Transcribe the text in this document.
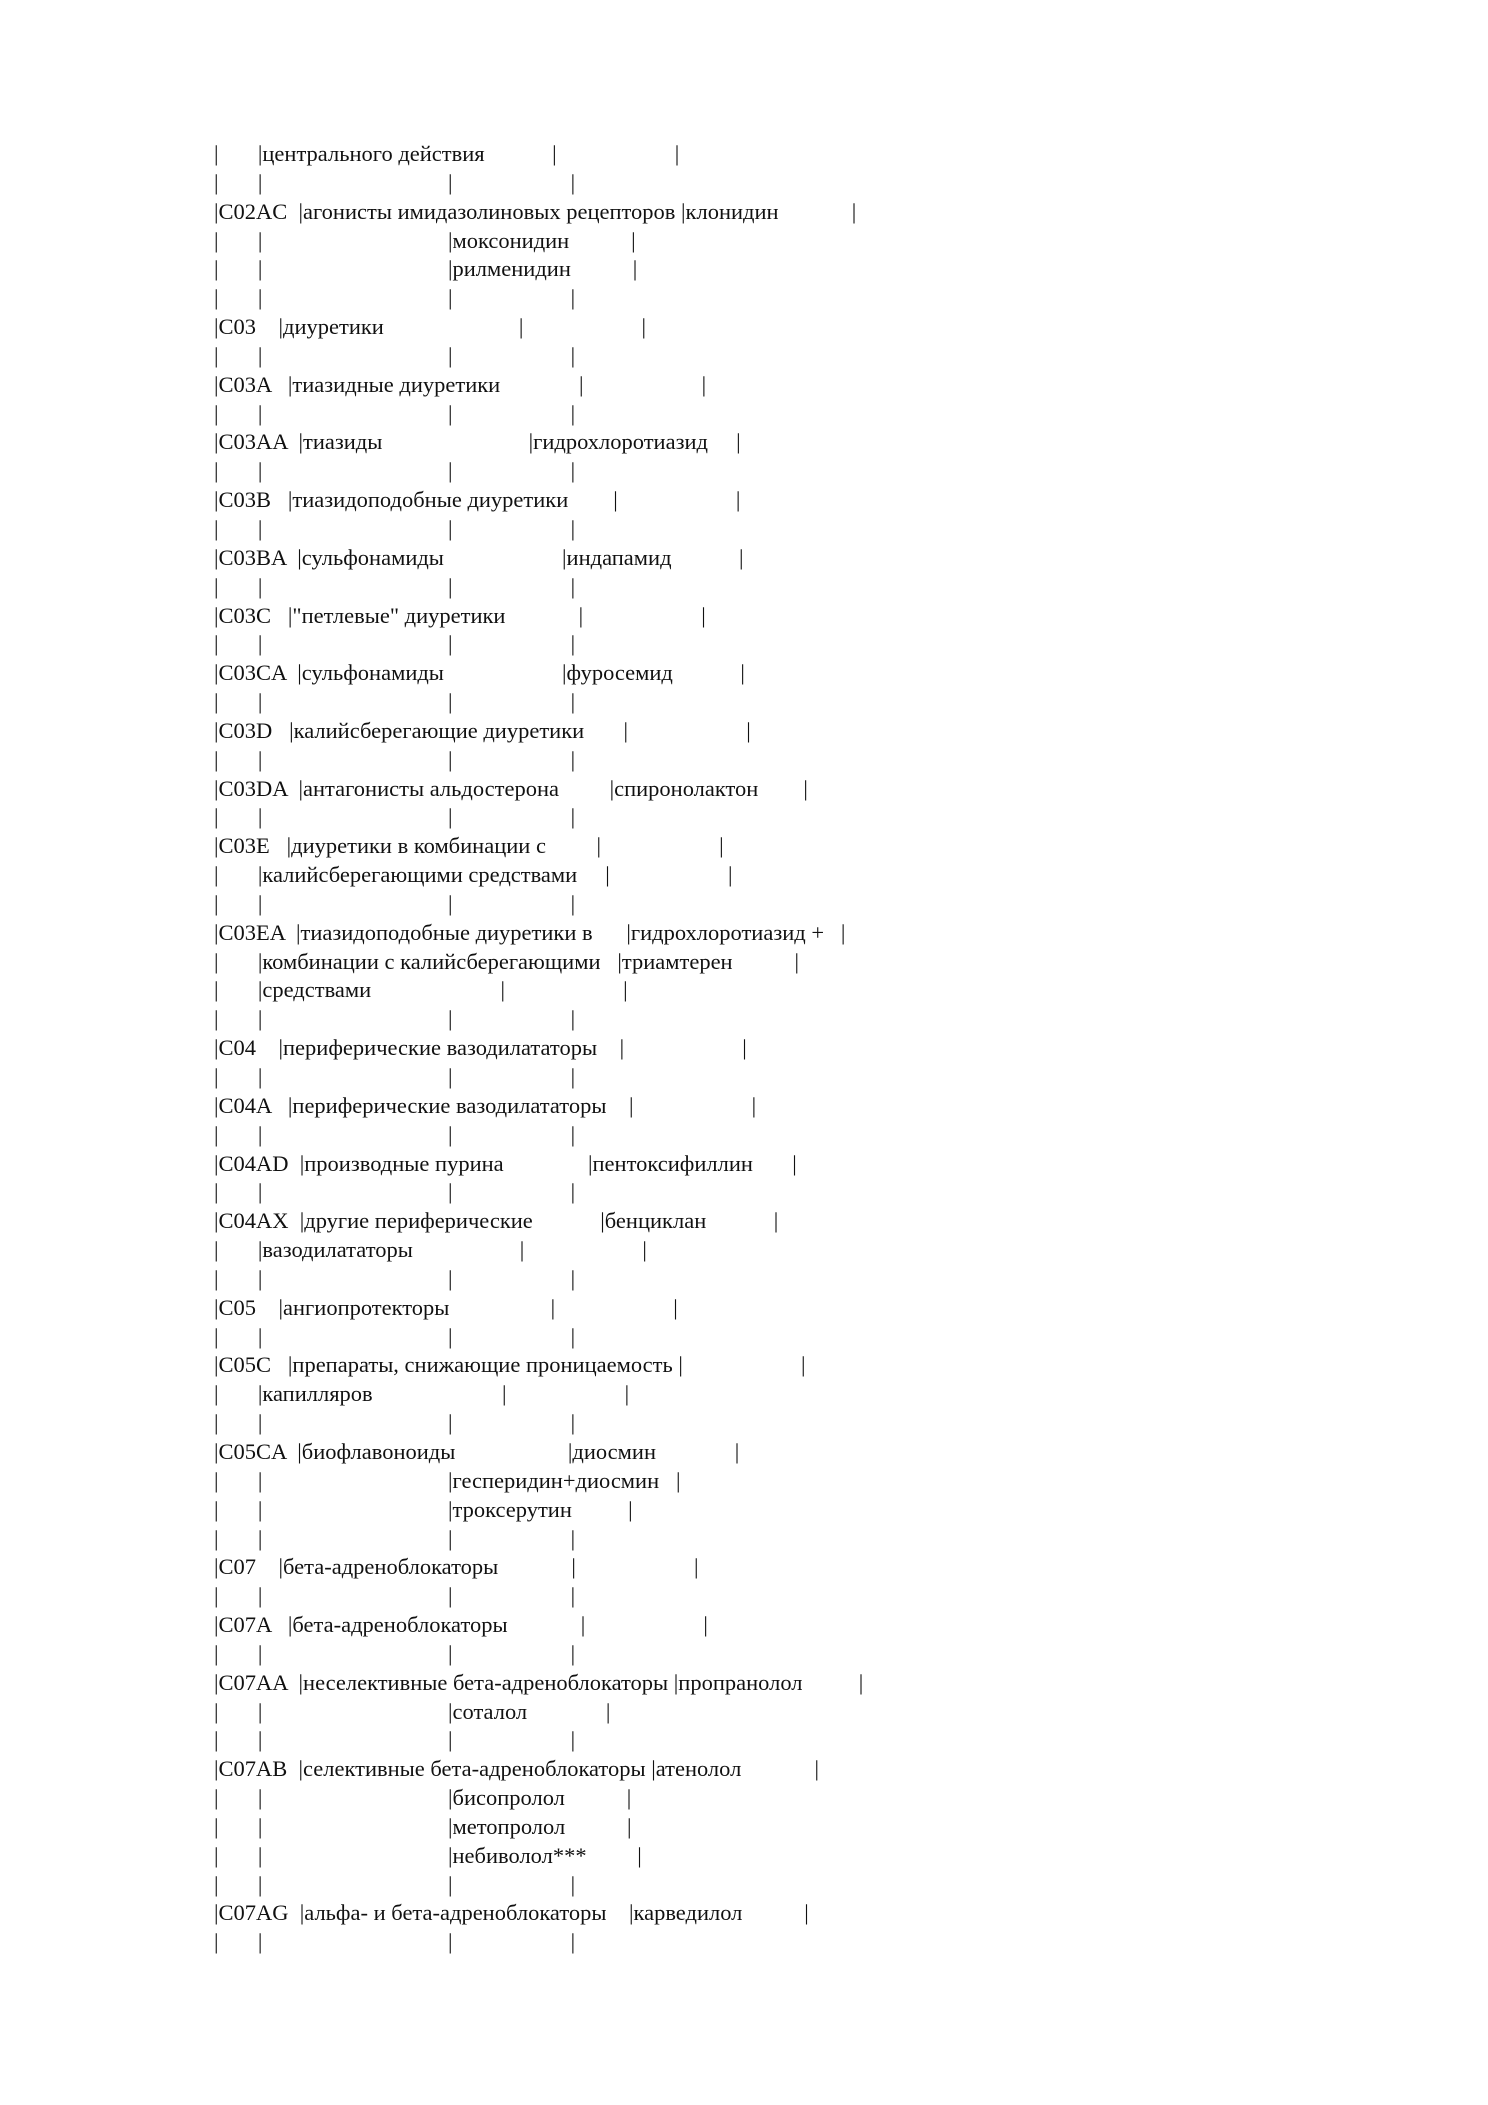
|       |центрального действия            |                     |
|       |                                 |                     |
|C02AC  |агонисты имидазолиновых рецепторов |клонидин             |
|       |                                 |моксонидин           |
|       |                                 |рилменидин           |
|       |                                 |                     |
|C03    |диуретики                        |                     |
|       |                                 |                     |
|C03A   |тиазидные диуретики              |                     |
|       |                                 |                     |
|C03AA  |тиазиды                          |гидрохлоротиазид     |
|       |                                 |                     |
|C03B   |тиазидоподобные диуретики        |                     |
|       |                                 |                     |
|C03BA  |сульфонамиды                     |индапамид            |
|       |                                 |                     |
|C03C   |"петлевые" диуретики             |                     |
|       |                                 |                     |
|C03CA  |сульфонамиды                     |фуросемид            |
|       |                                 |                     |
|C03D   |калийсберегающие диуретики       |                     |
|       |                                 |                     |
|C03DA  |антагонисты альдостерона         |спиронолактон        |
|       |                                 |                     |
|C03E   |диуретики в комбинации с         |                     |
|       |калийсберегающими средствами     |                     |
|       |                                 |                     |
|C03EA  |тиазидоподобные диуретики в      |гидрохлоротиазид +   |
|       |комбинации с калийсберегающими   |триамтерен           |
|       |средствами                       |                     |
|       |                                 |                     |
|C04    |периферические вазодилататоры    |                     |
|       |                                 |                     |
|C04A   |периферические вазодилататоры    |                     |
|       |                                 |                     |
|C04AD  |производные пурина               |пентоксифиллин       |
|       |                                 |                     |
|C04AX  |другие периферические            |бенциклан            |
|       |вазодилататоры                   |                     |
|       |                                 |                     |
|C05    |ангиопротекторы                  |                     |
|       |                                 |                     |
|C05C   |препараты, снижающие проницаемость |                     |
|       |капилляров                       |                     |
|       |                                 |                     |
|C05CA  |биофлавоноиды                    |диосмин              |
|       |                                 |гесперидин+диосмин   |
|       |                                 |троксерутин          |
|       |                                 |                     |
|C07    |бета-адреноблокаторы             |                     |
|       |                                 |                     |
|C07A   |бета-адреноблокаторы             |                     |
|       |                                 |                     |
|C07AA  |неселективные бета-адреноблокаторы |пропранолол          |
|       |                                 |соталол              |
|       |                                 |                     |
|C07AB  |селективные бета-адреноблокаторы |атенолол             |
|       |                                 |бисопролол           |
|       |                                 |метопролол           |
|       |                                 |небиволол***         |
|       |                                 |                     |
|C07AG  |альфа- и бета-адреноблокаторы    |карведилол           |
|       |                                 |                     |
